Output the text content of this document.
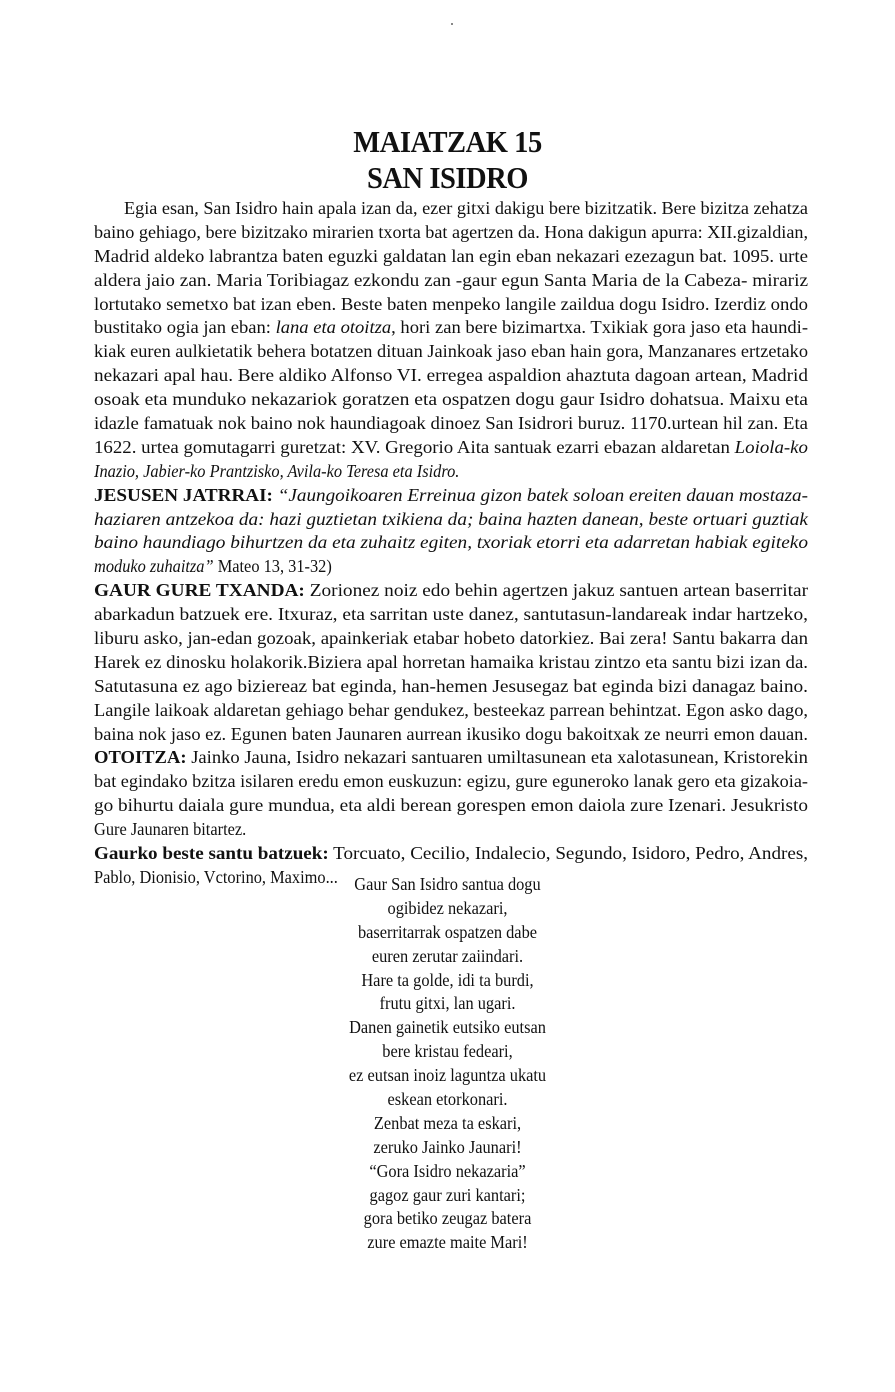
MAIATZAK 15
SAN ISIDRO
Egia esan, San Isidro hain apala izan da, ezer gitxi dakigu bere bizitzatik. Bere bizitza zehatza
baino gehiago, bere bizitzako mirarien txorta bat agertzen da. Hona dakigun apurra: XII.gizaldian,
Madrid aldeko labrantza baten eguzki galdatan lan egin eban nekazari ezezagun bat. 1095. urte
aldera jaio zan. Maria Toribiagaz ezkondu zan -gaur egun Santa Maria de la Cabeza- mirariz
lortutako semetxo bat izan eben. Beste baten menpeko langile zaildua dogu Isidro. Izerdiz ondo
bustitako ogia jan eban: lana eta otoitza, hori zan bere bizimartxa. Txikiak gora jaso eta haundi-
kiak euren aulkietatik behera botatzen dituan Jainkoak jaso eban hain gora, Manzanares ertzetako
nekazari apal hau. Bere aldiko Alfonso VI. erregea aspaldion ahaztuta dagoan artean, Madrid
osoak eta munduko nekazariok goratzen eta ospatzen dogu gaur Isidro dohatsua. Maixu eta
idazle famatuak nok baino nok haundiagoak dinoez San Isidrori buruz. 1170.urtean hil zan. Eta
1622. urtea gomutagarri guretzat: XV. Gregorio Aita santuak ezarri ebazan aldaretan Loiola-ko
Inazio, Jabier-ko Prantzisko, Avila-ko Teresa eta Isidro.
JESUSEN JATRRAI: “Jaungoikoaren Erreinua gizon batek soloan ereiten dauan mostaza-
haziaren antzekoa da: hazi guztietan txikiena da; baina hazten danean, beste ortuari guztiak
baino haundiago bihurtzen da eta zuhaitz egiten, txoriak etorri eta adarretan habiak egiteko
moduko zuhaitza” Mateo 13, 31-32)
GAUR GURE TXANDA: Zorionez noiz edo behin agertzen jakuz santuen artean baserritar
abarkadun batzuek ere. Itxuraz, eta sarritan uste danez, santutasun-landareak indar hartzeko,
liburu asko, jan-edan gozoak, apainkeriak etabar hobeto datorkiez. Bai zera! Santu bakarra dan
Harek ez dinosku holakorik.Biziera apal horretan hamaika kristau zintzo eta santu bizi izan da.
Satutasuna ez ago biziereaz bat eginda, han-hemen Jesusegaz bat eginda bizi danagaz baino.
Langile laikoak aldaretan gehiago behar gendukez, besteekaz parrean behintzat. Egon asko dago,
baina nok jaso ez. Egunen baten Jaunaren aurrean ikusiko dogu bakoitxak ze neurri emon dauan.
OTOITZA: Jainko Jauna, Isidro nekazari santuaren umiltasunean eta xalotasunean, Kristorekin
bat egindako bzitza isilaren eredu emon euskuzun: egizu, gure eguneroko lanak gero eta gizakoia-
go bihurtu daiala gure mundua, eta aldi berean gorespen emon daiola zure Izenari. Jesukristo
Gure Jaunaren bitartez.
Gaurko beste santu batzuek: Torcuato, Cecilio, Indalecio, Segundo, Isidoro, Pedro, Andres,
Pablo, Dionisio, Vctorino, Maximo... Gaur San Isidro santua dogu
ogibidez nekazari,
baserritarrak ospatzen dabe
euren zerutar zaiindari.
Hare ta golde, idi ta burdi,
frutu gitxi, lan ugari.
Danen gainetik eutsiko eutsan
bere kristau fedeari,
ez eutsan inoiz laguntza ukatu
eskean etorkonari.
Zenbat meza ta eskari,
zeruko Jainko Jaunari!
“Gora Isidro nekazaria”
gagoz gaur zuri kantari;
gora betiko zeugaz batera
zure emazte maite Mari!
